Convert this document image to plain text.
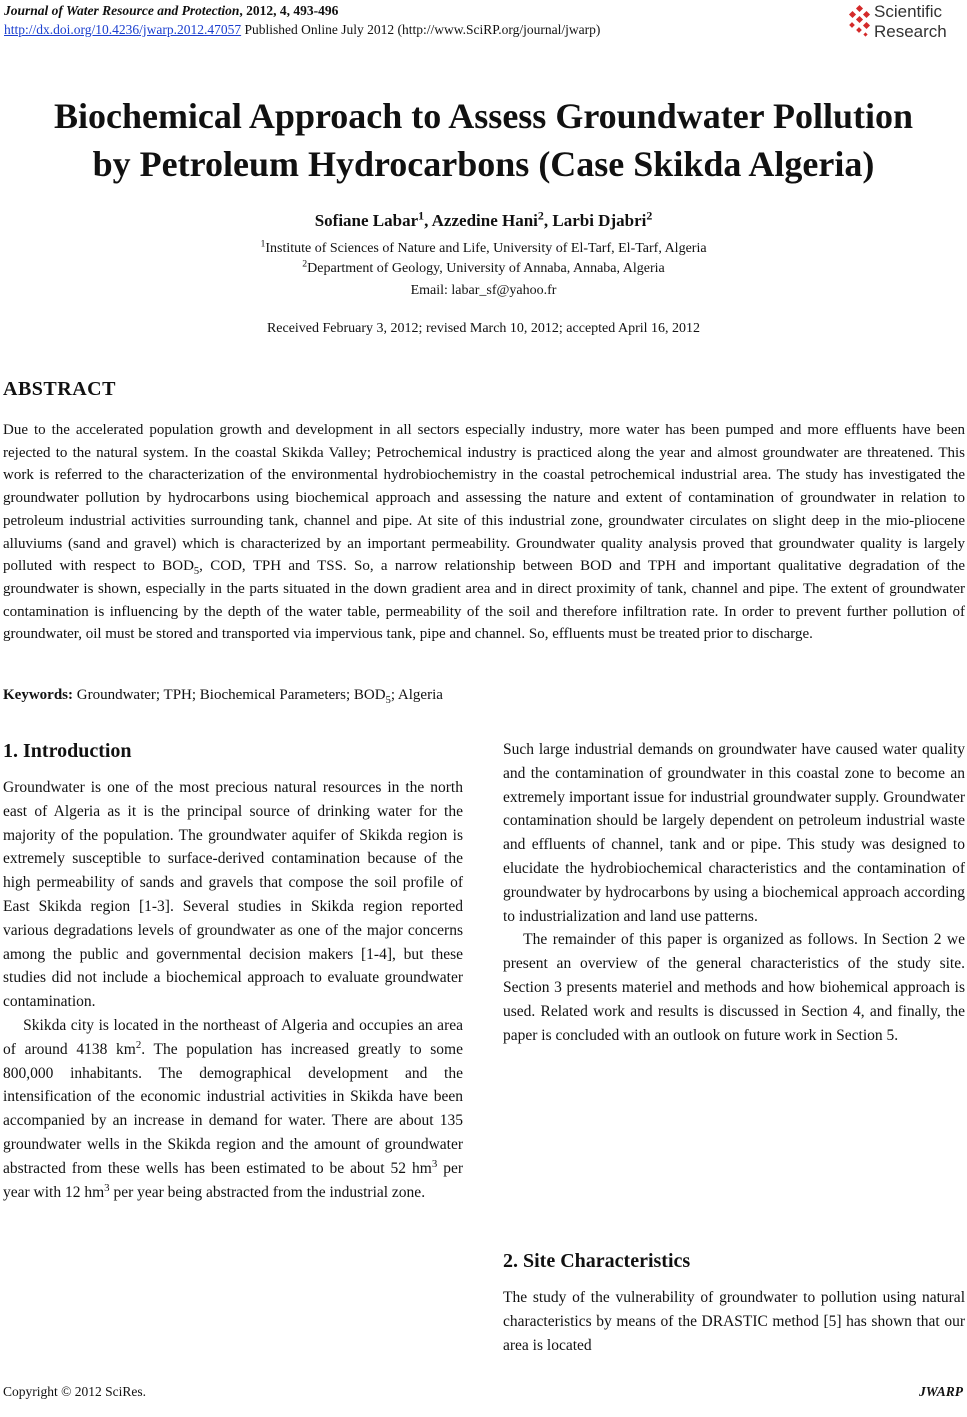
Journal of Water Resource and Protection, 2012, 4, 493-496
http://dx.doi.org/10.4236/jwarp.2012.47057 Published Online July 2012 (http://www.SciRP.org/journal/jwarp)
Scientific
Research
Biochemical Approach to Assess Groundwater Pollution
by Petroleum Hydrocarbons (Case Skikda Algeria)
Sofiane Labar$^1$, Azzedine Hani$^2$, Larbi Djabri$^2$
$^1$Institute of Sciences of Nature and Life, University of El-Tarf, El-Tarf, Algeria
$^2$Department of Geology, University of Annaba, Annaba, Algeria
Email: labar_sf@yahoo.fr
Received February 3, 2012; revised March 10, 2012; accepted April 16, 2012
ABSTRACT
Due to the accelerated population growth and development in all sectors especially industry, more water has been pumped and more effluents have been rejected to the natural system. In the coastal Skikda Valley; Petrochemical industry is practiced along the year and almost groundwater are threatened. This work is referred to the characterization of the environmental hydrobiochemistry in the coastal petrochemical industrial area. The study has investigated the groundwater pollution by hydrocarbons using biochemical approach and assessing the nature and extent of contamination of groundwater in relation to petroleum industrial activities surrounding tank, channel and pipe. At site of this industrial zone, groundwater circulates on slight deep in the mio-pliocene alluviums (sand and gravel) which is characterized by an important permeability. Groundwater quality analysis proved that groundwater quality is largely polluted with respect to $BOD_5$, COD, TPH and TSS. So, a narrow relationship between BOD and TPH and important qualitative degradation of the groundwater is shown, especially in the parts situated in the down gradient area and in direct proximity of tank, channel and pipe. The extent of groundwater contamination is influencing by the depth of the water table, permeability of the soil and therefore infiltration rate. In order to prevent further pollution of groundwater, oil must be stored and transported via impervious tank, pipe and channel. So, effluents must be treated prior to discharge.
Keywords: Groundwater; TPH; Biochemical Parameters; $BOD_5$; Algeria
1. Introduction

Groundwater is one of the most precious natural resources in the north east of Algeria as it is the principal source of drinking water for the majority of the population. The groundwater aquifer of Skikda region is extremely susceptible to surface-derived contamination because of the high permeability of sands and gravels that compose the soil profile of East Skikda region [1-3]. Several studies in Skikda region reported various degradations levels of groundwater as one of the major concerns among the public and governmental decision makers [1-4], but these studies did not include a biochemical approach to evaluate groundwater contamination.

Skikda city is located in the northeast of Algeria and occupies an area of around 4138 $km^2$. The population has increased greatly to some 800,000 inhabitants. The demographical development and the intensification of the economic industrial activities in Skikda have been accompanied by an increase in demand for water. There are about 135 groundwater wells in the Skikda region and the amount of groundwater abstracted from these wells has been estimated to be about 52 $hm^3$ per year with 12 $hm^3$ per year being abstracted from the industrial zone.

Such large industrial demands on groundwater have caused water quality and the contamination of groundwater in this coastal zone to become an extremely important issue for industrial groundwater supply. Groundwater contamination should be largely dependent on petroleum industrial waste and effluents of channel, tank and or pipe. This study was designed to elucidate the hydrobiochemical characteristics and the contamination of groundwater by hydrocarbons by using a biochemical approach according to industrialization and land use patterns.

The remainder of this paper is organized as follows. In Section 2 we present an overview of the general characteristics of the study site. Section 3 presents materiel and methods and how biohemical approach is used. Related work and results is discussed in Section 4, and finally, the paper is concluded with an outlook on future work in Section 5.

2. Site Characteristics
The study of the vulnerability of groundwater to pollution using natural characteristics by means of the DRASTIC method [5] has shown that our area is located
Copyright © 2012 SciRes.	JWARP
